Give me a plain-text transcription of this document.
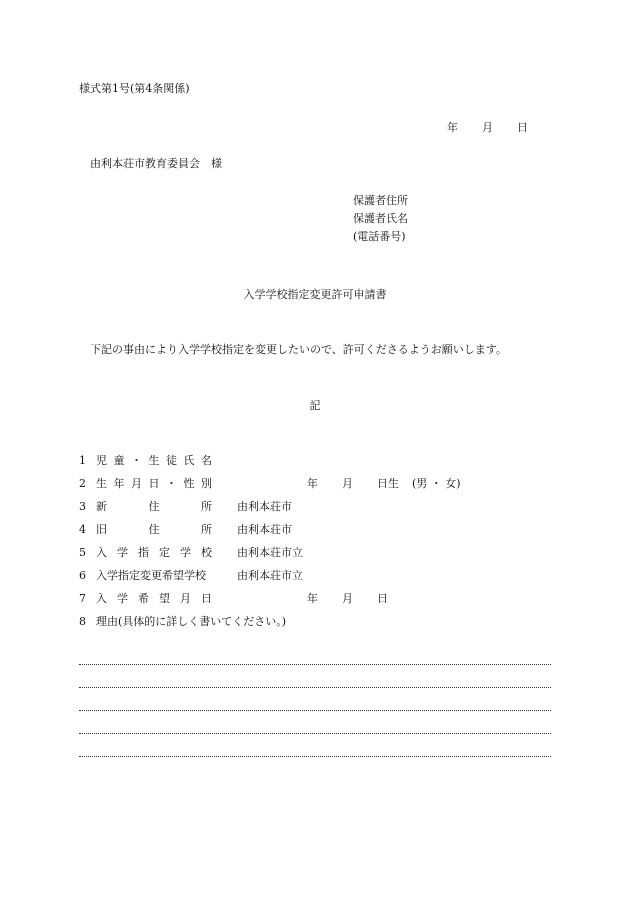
様式第1号(第4条関係)
年 月 日
由利本荘市教育委員会　様
保護者住所
保護者氏名
(電話番号)
入学学校指定変更許可申請書
下記の事由により入学学校指定を変更したいので、許可くださるようお願いします。
記
1 児 童 ・ 生 徒 氏 名
2 生 年 月 日 ・ 性 別	年 月 日生 (男 ・ 女)
3 新	住	所 由利本荘市
4 旧	住	所 由利本荘市
5 入 学 指 定 学 校 由利本荘市立
6 入学指定変更希望学校	由利本荘市立
7 入 学 希 望 月 日	年 月 日
8 理由(具体的に詳しく書いてください。)
